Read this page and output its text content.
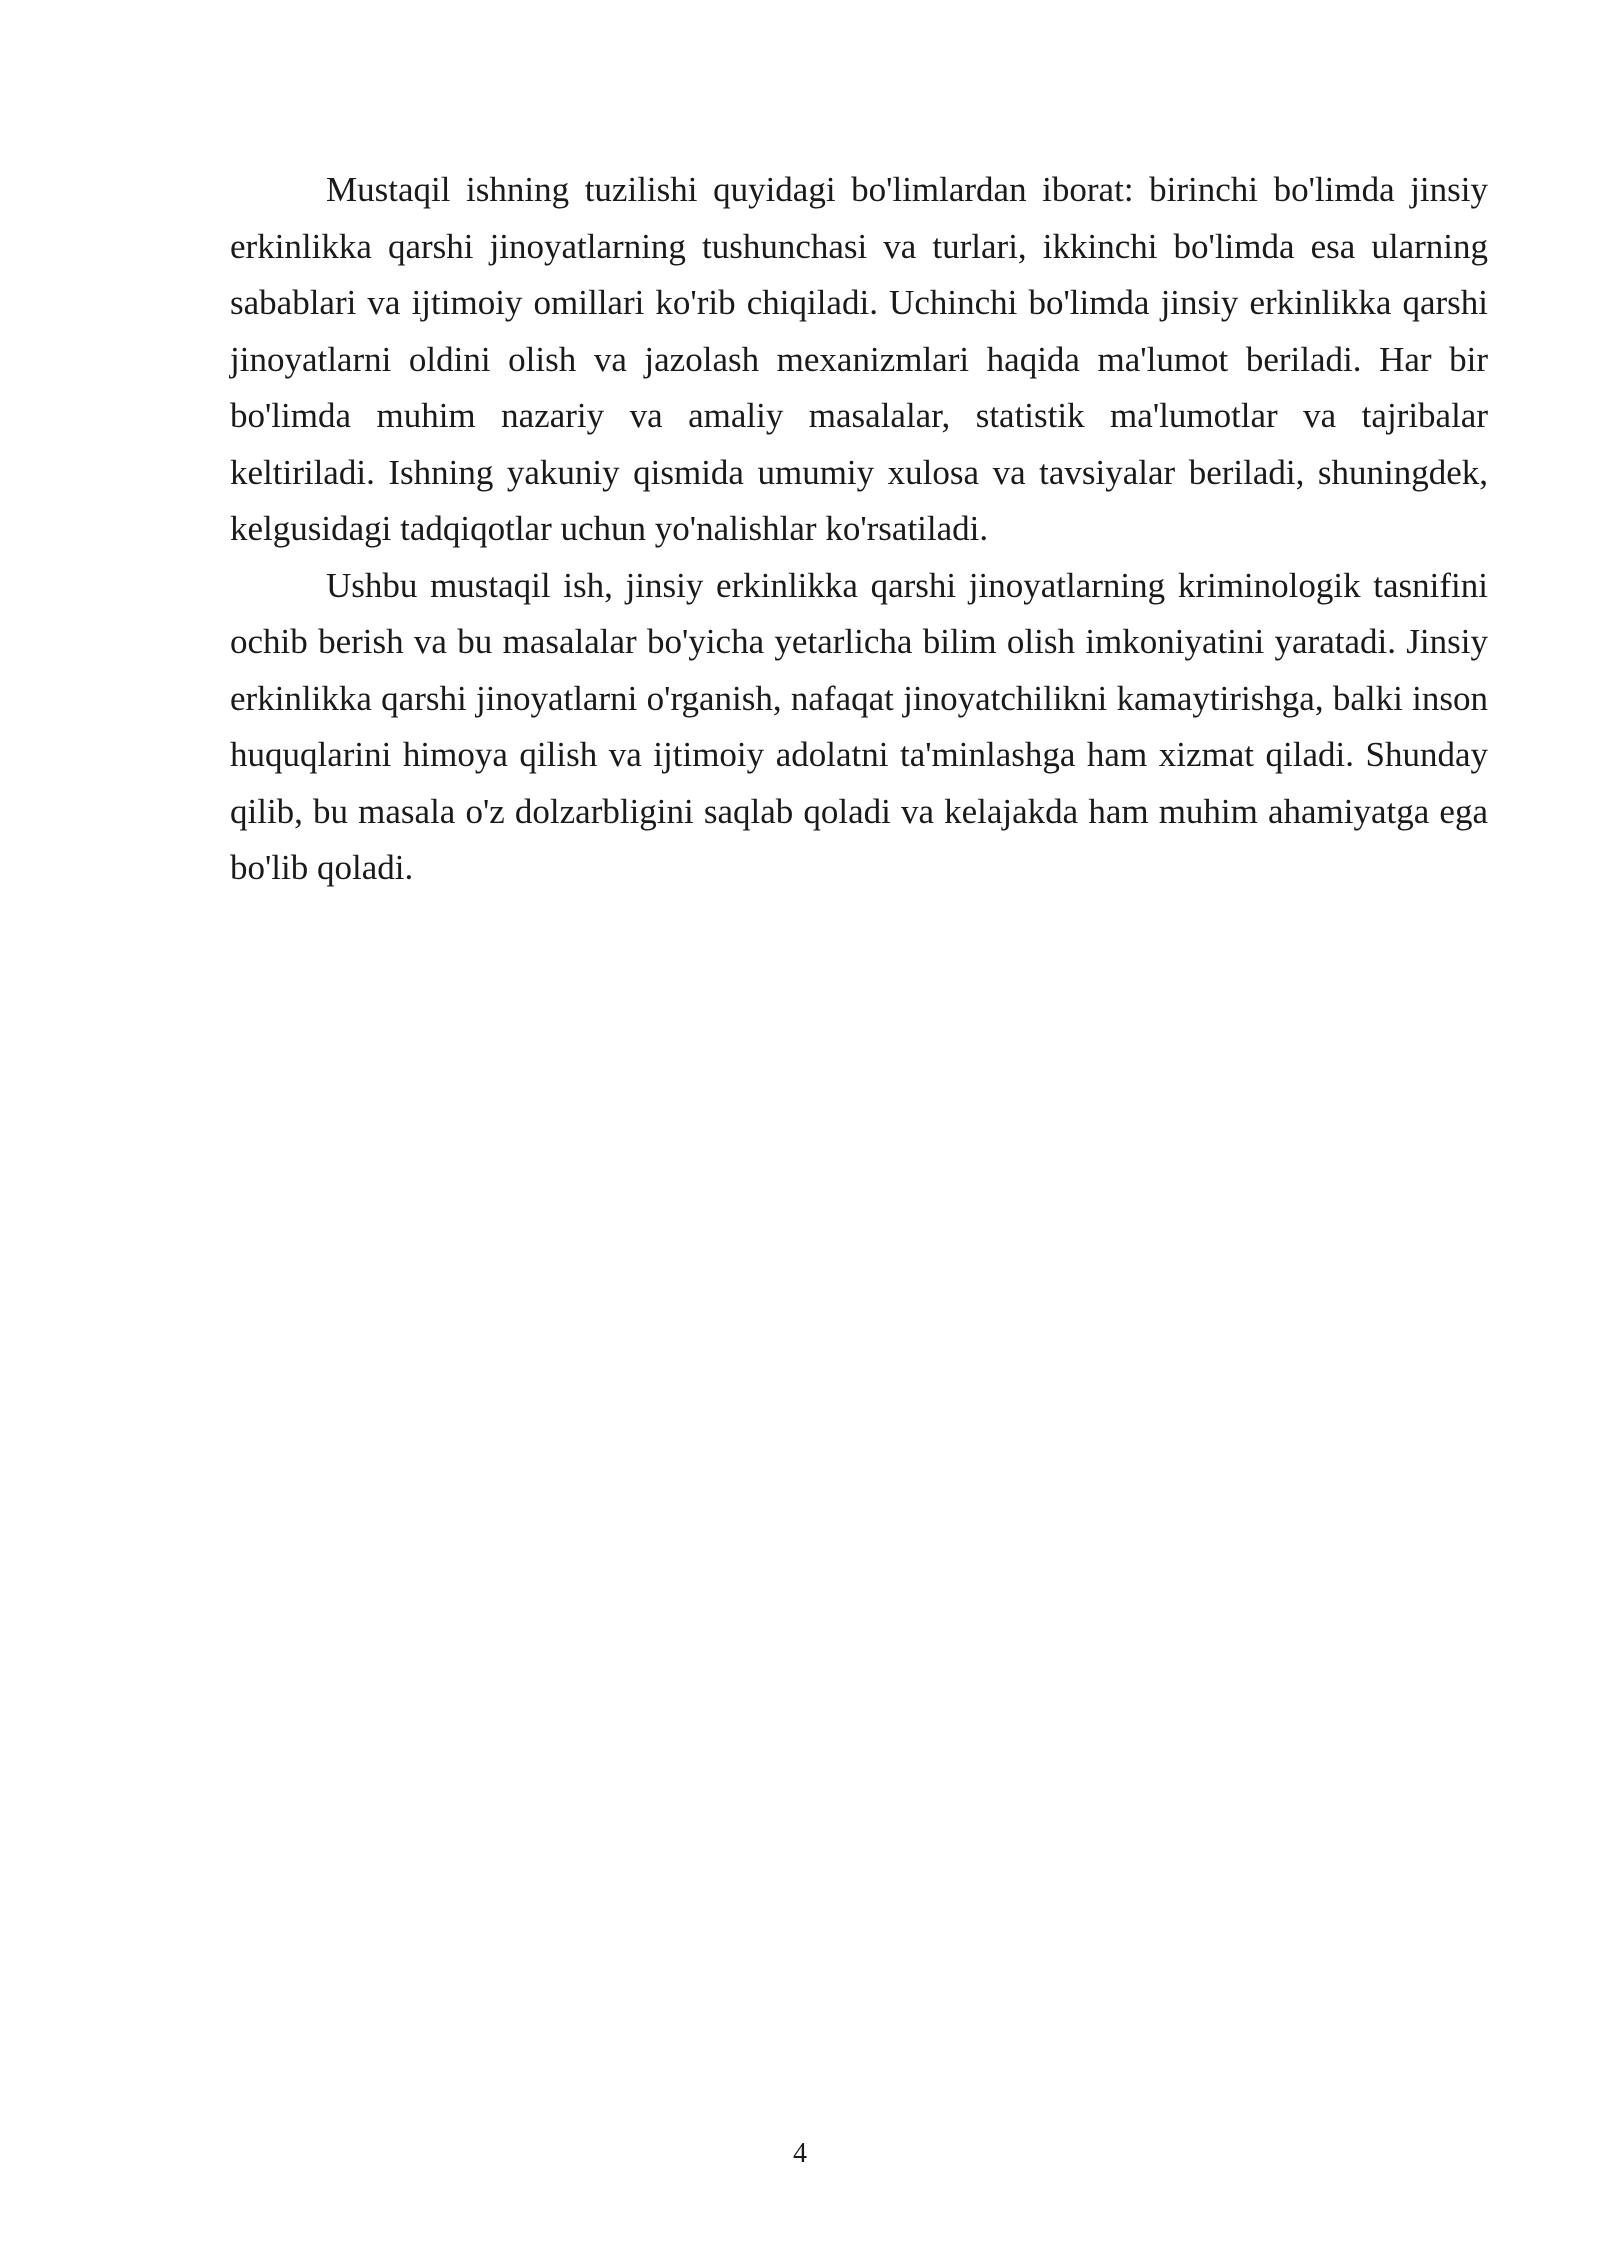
Mustaqil ishning tuzilishi quyidagi bo'limlardan iborat: birinchi bo'limda jinsiy erkinlikka qarshi jinoyatlarning tushunchasi va turlari, ikkinchi bo'limda esa ularning sabablari va ijtimoiy omillari ko'rib chiqiladi. Uchinchi bo'limda jinsiy erkinlikka qarshi jinoyatlarni oldini olish va jazolash mexanizmlari haqida ma'lumot beriladi. Har bir bo'limda muhim nazariy va amaliy masalalar, statistik ma'lumotlar va tajribalar keltiriladi. Ishning yakuniy qismida umumiy xulosa va tavsiyalar beriladi, shuningdek, kelgusidagi tadqiqotlar uchun yo'nalishlar ko'rsatiladi.

Ushbu mustaqil ish, jinsiy erkinlikka qarshi jinoyatlarning kriminologik tasnifini ochib berish va bu masalalar bo'yicha yetarlicha bilim olish imkoniyatini yaratadi. Jinsiy erkinlikka qarshi jinoyatlarni o'rganish, nafaqat jinoyatchilikni kamaytirishga, balki inson huquqlarini himoya qilish va ijtimoiy adolatni ta'minlashga ham xizmat qiladi. Shunday qilib, bu masala o'z dolzarbligini saqlab qoladi va kelajakda ham muhim ahamiyatga ega bo'lib qoladi.

4
